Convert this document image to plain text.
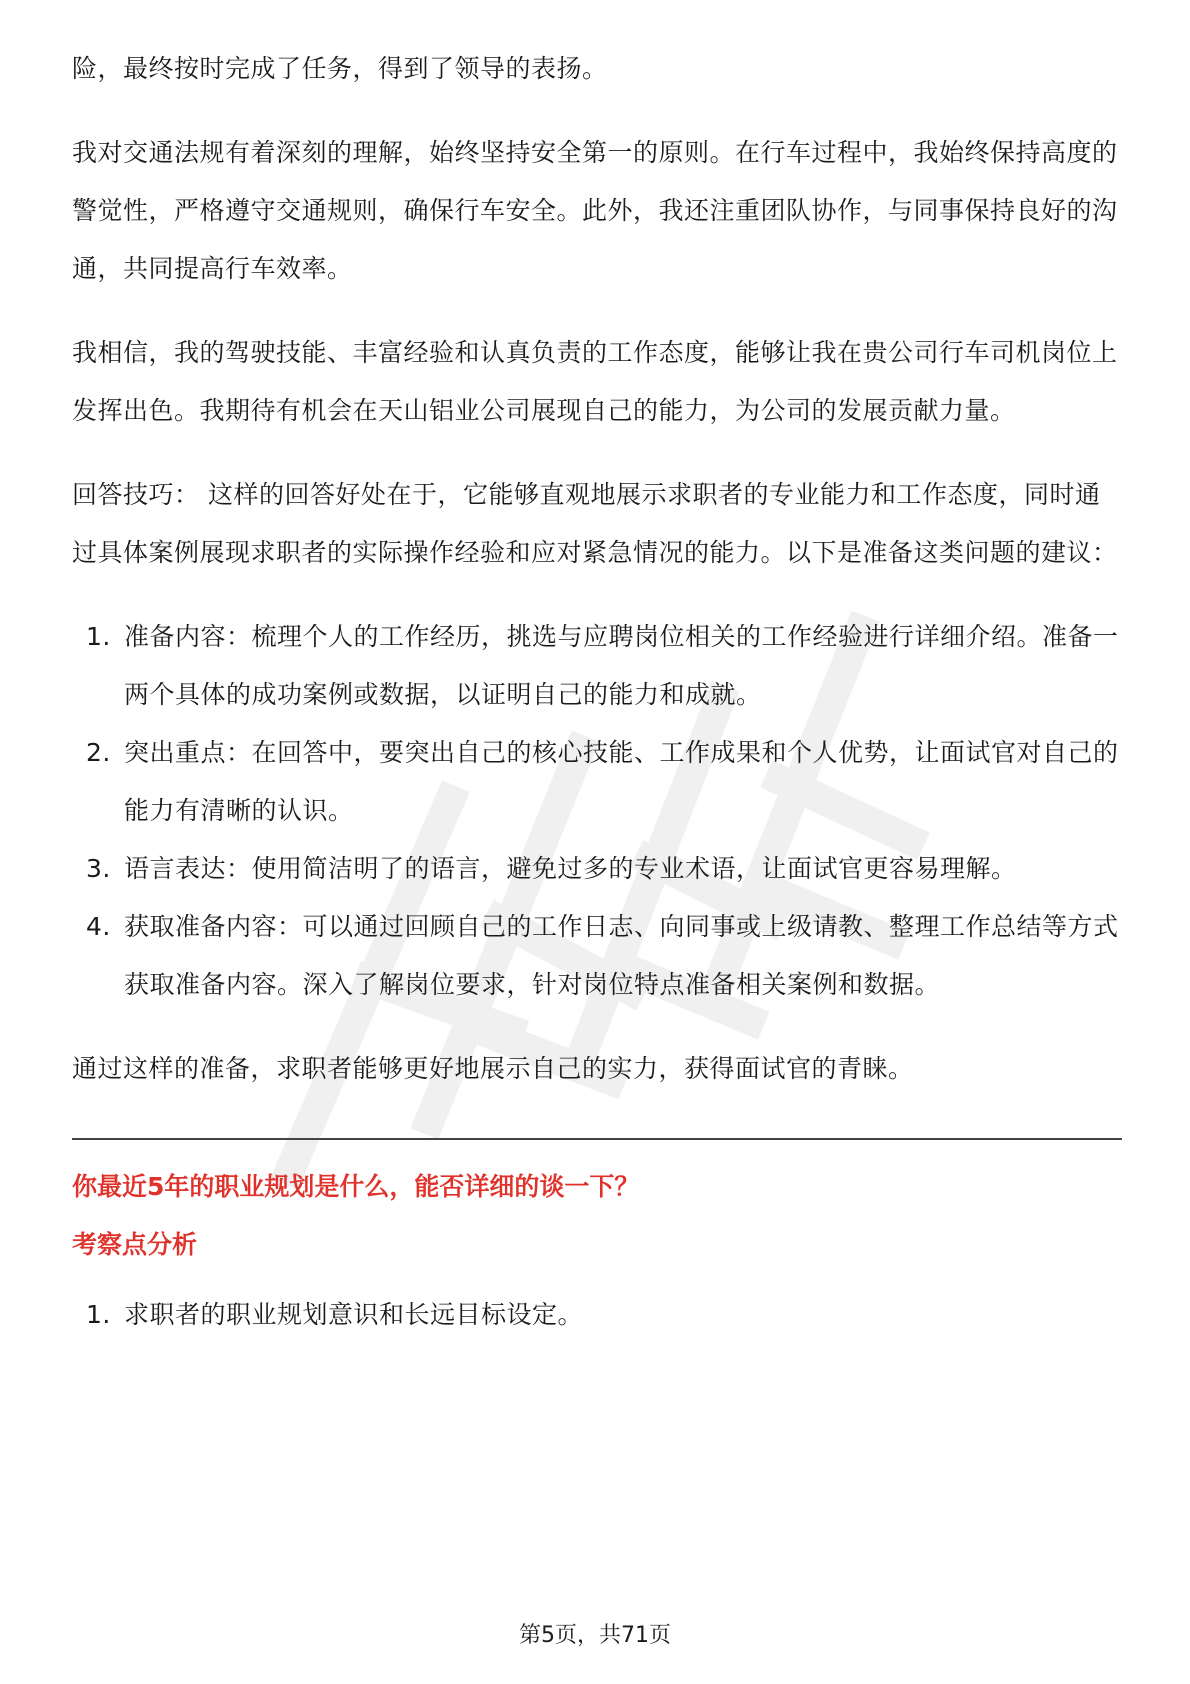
险，最终按时完成了任务，得到了领导的表扬。

我对交通法规有着深刻的理解，始终坚持安全第一的原则。在行车过程中，我始终保持高度的警觉性，严格遵守交通规则，确保行车安全。此外，我还注重团队协作，与同事保持良好的沟通，共同提高行车效率。

我相信，我的驾驶技能、丰富经验和认真负责的工作态度，能够让我在贵公司行车司机岗位上发挥出色。我期待有机会在天山铝业公司展现自己的能力，为公司的发展贡献力量。

回答技巧： 这样的回答好处在于，它能够直观地展示求职者的专业能力和工作态度，同时通过具体案例展现求职者的实际操作经验和应对紧急情况的能力。以下是准备这类问题的建议：

1. 准备内容：梳理个人的工作经历，挑选与应聘岗位相关的工作经验进行详细介绍。准备一两个具体的成功案例或数据，以证明自己的能力和成就。
2. 突出重点：在回答中，要突出自己的核心技能、工作成果和个人优势，让面试官对自己的能力有清晰的认识。
3. 语言表达：使用简洁明了的语言，避免过多的专业术语，让面试官更容易理解。
4. 获取准备内容：可以通过回顾自己的工作日志、向同事或上级请教、整理工作总结等方式获取准备内容。深入了解岗位要求，针对岗位特点准备相关案例和数据。

通过这样的准备，求职者能够更好地展示自己的实力，获得面试官的青睐。

你最近5年的职业规划是什么，能否详细的谈一下？
考察点分析
1. 求职者的职业规划意识和长远目标设定。
第5页，共71页
